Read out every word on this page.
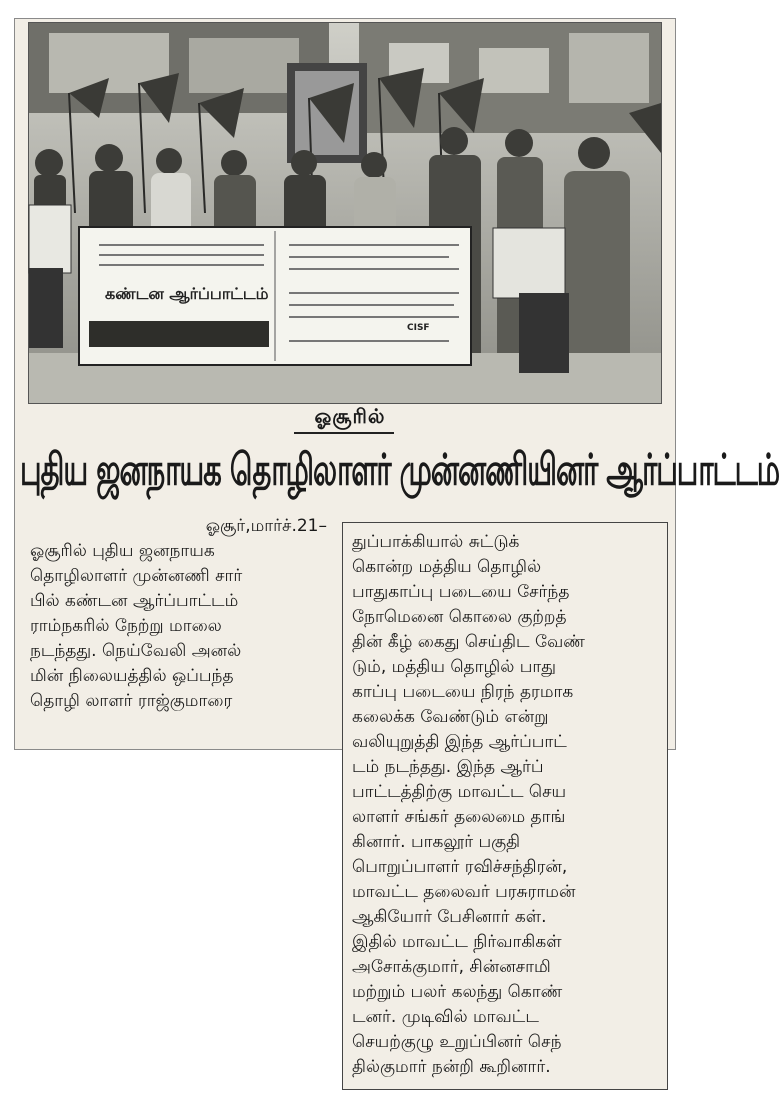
கண்டன ஆர்ப்பாட்டம்
CISF
ஓசூரில்
புதிய ஜனநாயக தொழிலாளர் முன்னணியினர் ஆர்ப்பாட்டம்
ஓசூர்,மார்ச்.21–
ஓசூரில் புதிய ஜனநாயக
தொழிலாளர் முன்னணி சார்
பில் கண்டன ஆர்ப்பாட்டம்
ராம்நகரில் நேற்று மாலை
நடந்தது. நெய்வேலி அனல்
மின் நிலையத்தில் ஒப்பந்த
தொழி லாளர் ராஜ்குமாரை
துப்பாக்கியால் சுட்டுக்
கொன்ற மத்திய தொழில்
பாதுகாப்பு படையை சேர்ந்த
நோமெனை கொலை குற்றத்
தின் கீழ் கைது செய்திட வேண்
டும், மத்திய தொழில் பாது
காப்பு படையை நிரந் தரமாக
கலைக்க வேண்டும் என்று
வலியுறுத்தி இந்த ஆர்ப்பாட்
டம் நடந்தது. இந்த ஆர்ப்
பாட்டத்திற்கு மாவட்ட செய
லாளர் சங்கர் தலைமை தாங்
கினார். பாகலூர் பகுதி
பொறுப்பாளர் ரவிச்சந்திரன்,
மாவட்ட தலைவர் பரசுராமன்
ஆகியோர் பேசினார் கள்.
இதில் மாவட்ட நிர்வாகிகள்
அசோக்குமார், சின்னசாமி
மற்றும் பலர் கலந்து கொண்
டனர். முடிவில் மாவட்ட
செயற்குழு உறுப்பினர் செந்
தில்குமார் நன்றி கூறினார்.
